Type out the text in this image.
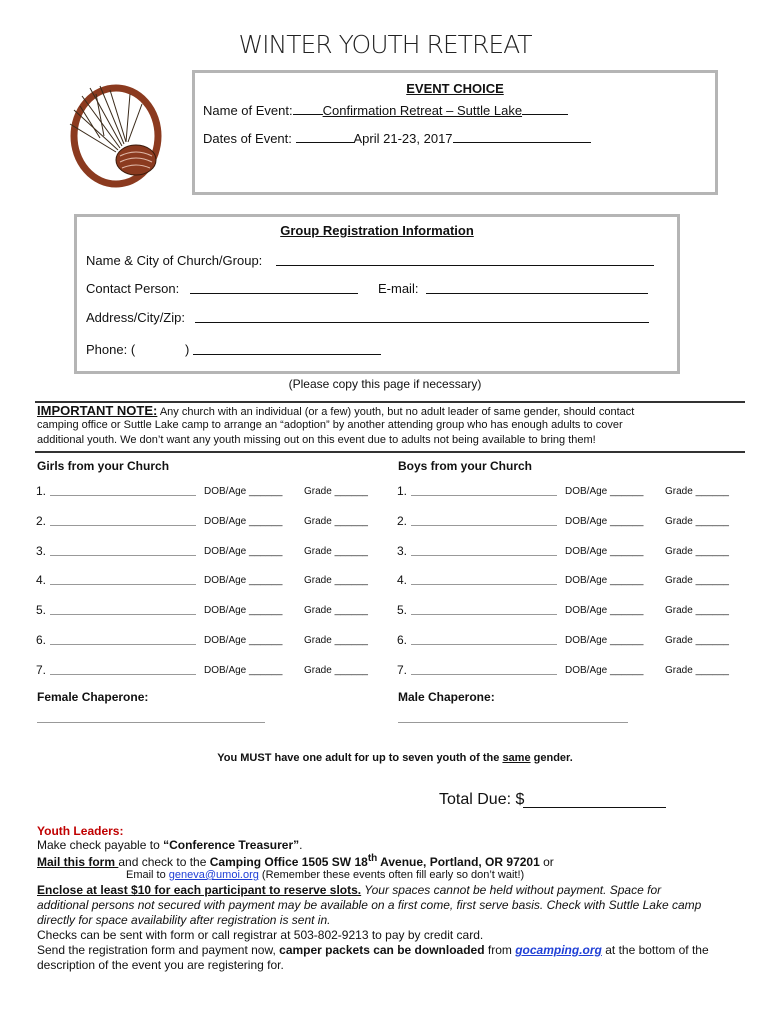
WINTER YOUTH RETREAT
EVENT CHOICE
Name of Event: Confirmation Retreat – Suttle Lake
Dates of Event:	April 21-23, 2017
Group Registration Information
Name & City of Church/Group:
Contact Person:	E-mail:
Address/City/Zip:
Phone: (	)
(Please copy this page if necessary)
IMPORTANT NOTE: Any church with an individual (or a few) youth, but no adult leader of same gender, should contact
camping office or Suttle Lake camp to arrange an “adoption” by another attending group who has enough adults to cover
additional youth. We don’t want any youth missing out on this event due to adults not being available to bring them!
Girls from your Church	Boys from your Church
1.	DOB/Age ______ Grade ______ 1.	DOB/Age ______ Grade ______
2.	DOB/Age ______ Grade ______ 2.	DOB/Age ______ Grade ______
3.	DOB/Age ______ Grade ______ 3.	DOB/Age ______ Grade ______
4.	DOB/Age ______ Grade ______ 4.	DOB/Age ______ Grade ______
5.	DOB/Age ______ Grade ______ 5.	DOB/Age ______ Grade ______
6.	DOB/Age ______ Grade ______ 6.	DOB/Age ______ Grade ______
7.	DOB/Age ______ Grade ______ 7.	DOB/Age ______ Grade ______
Female Chaperone:	Male Chaperone:
You MUST have one adult for up to seven youth of the same gender.
Total Due: $
Youth Leaders:
Make check payable to “Conference Treasurer”.
Mail this form and check to the Camping Office 1505 SW 18th Avenue, Portland, OR 97201 or
Email to geneva@umoi.org (Remember these events often fill early so don’t wait!)
Enclose at least $10 for each participant to reserve slots. Your spaces cannot be held without payment. Space for
additional persons not secured with payment may be available on a first come, first serve basis. Check with Suttle Lake camp
directly for space availability after registration is sent in.
Checks can be sent with form or call registrar at 503-802-9213 to pay by credit card.
Send the registration form and payment now, camper packets can be downloaded from gocamping.org at the bottom of the
description of the event you are registering for.
